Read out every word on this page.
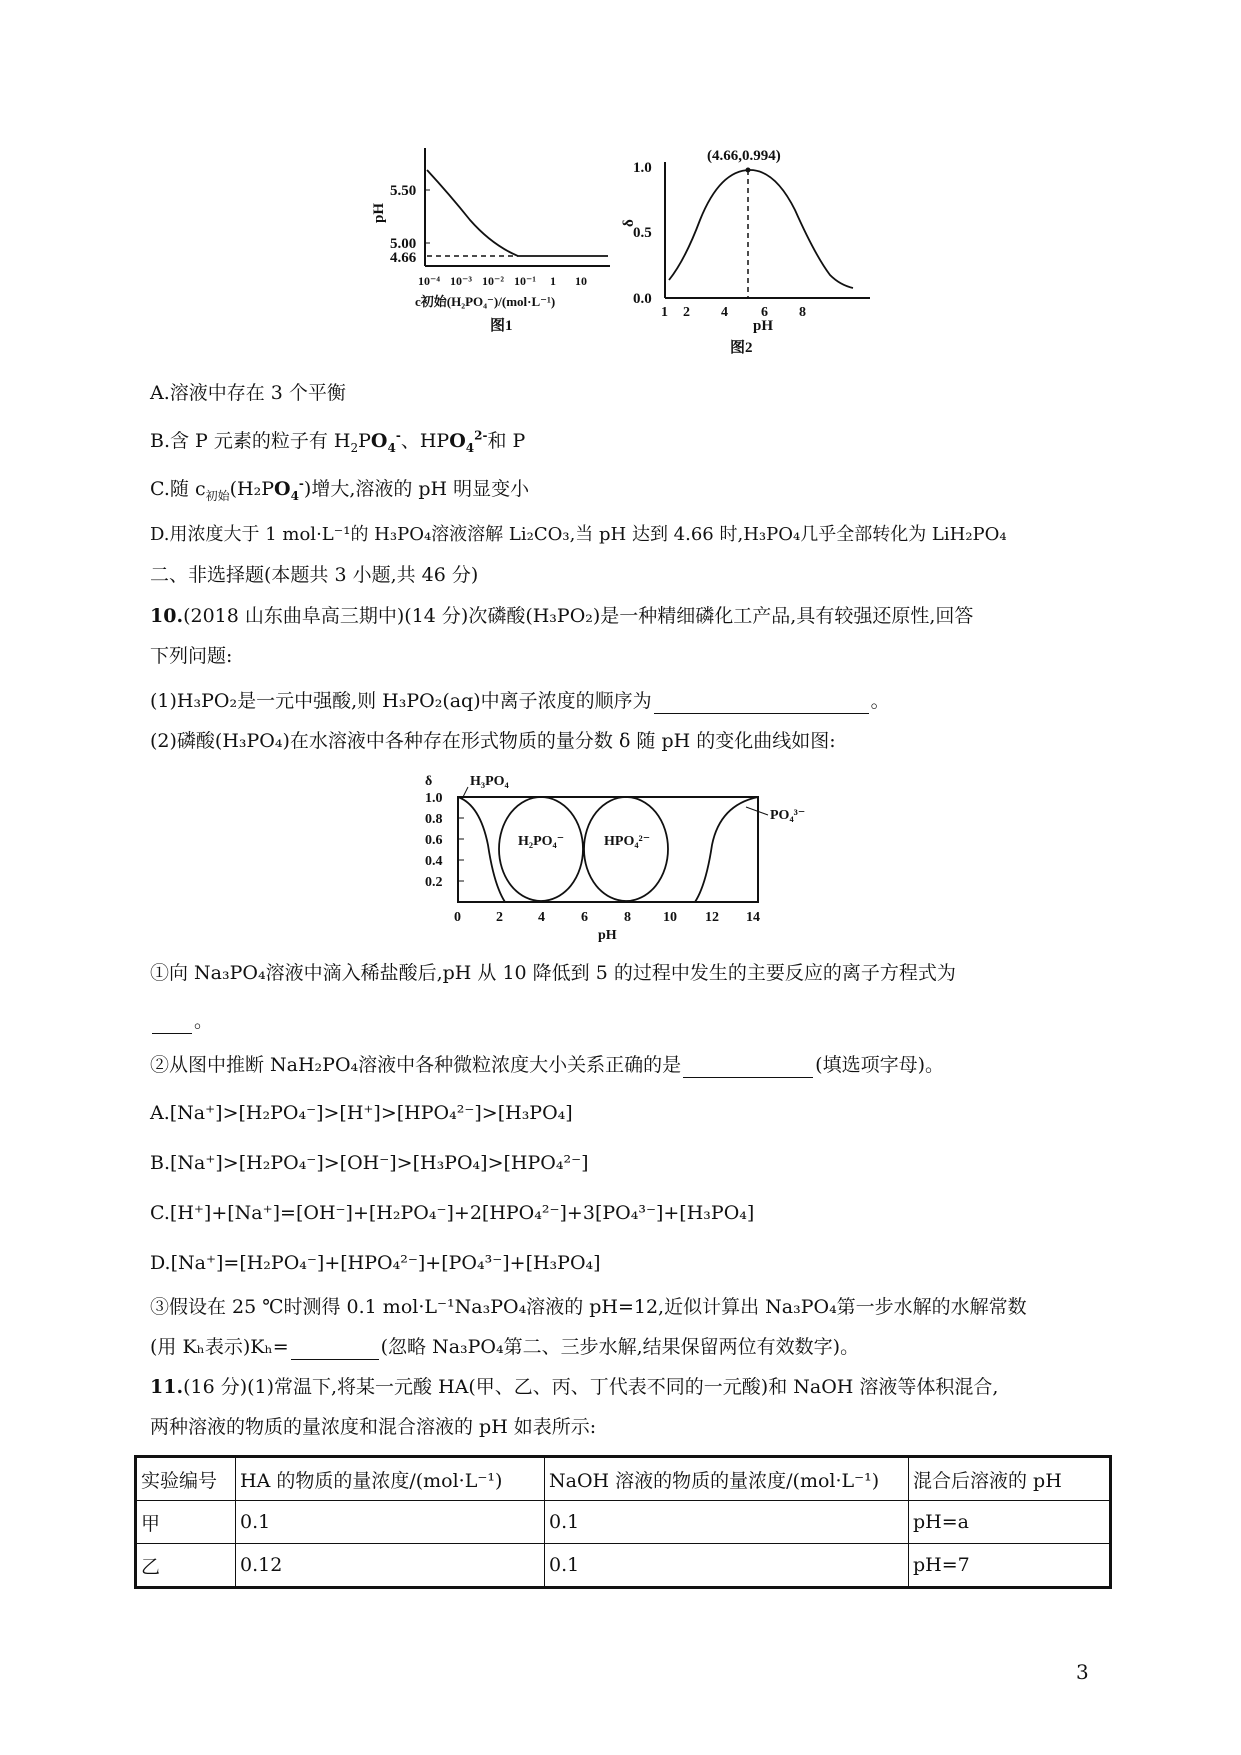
5.50
5.00
4.66
pH
10⁻⁴ 10⁻³ 10⁻² 10⁻¹ 1 10
c初始(H₂PO₄⁻)/(mol·L⁻¹)
图1
(4.66,0.994)
1.0
0.5
0.0
δ
1 2 4 6 8
pH
图2
A.溶液中存在 3 个平衡
B.含 P 元素的粒子有 $H_2PO_4^-$、$HPO_4^{2-}$和 P
C.随 $c_{初始}(H_2PO_4^-)$增大,溶液的 pH 明显变小
D.用浓度大于 1 mol·L⁻¹的 H₃PO₄溶液溶解 Li₂CO₃,当 pH 达到 4.66 时,H₃PO₄几乎全部转化为 LiH₂PO₄
二、非选择题(本题共 3 小题,共 46 分)
10.(2018 山东曲阜高三期中)(14 分)次磷酸(H₃PO₂)是一种精细磷化工产品,具有较强还原性,回答
下列问题:
(1)H₃PO₂是一元中强酸,则 H₃PO₂(aq)中离子浓度的顺序为	。
(2)磷酸(H₃PO₄)在水溶液中各种存在形式物质的量分数 δ 随 pH 的变化曲线如图:
δ
1.0
0.8
0.6
0.4
0.2
0	2	4	6	8 10 12 14
pH
H₃PO₄
H₂PO₄⁻	HPO₄²⁻
PO₄³⁻
①向 Na₃PO₄溶液中滴入稀盐酸后,pH 从 10 降低到 5 的过程中发生的主要反应的离子方程式为
。
②从图中推断 NaH₂PO₄溶液中各种微粒浓度大小关系正确的是	(填选项字母)。
A.[Na⁺]>[H₂PO₄⁻]>[H⁺]>[HPO₄²⁻]>[H₃PO₄]
B.[Na⁺]>[H₂PO₄⁻]>[OH⁻]>[H₃PO₄]>[HPO₄²⁻]
C.[H⁺]+[Na⁺]=[OH⁻]+[H₂PO₄⁻]+2[HPO₄²⁻]+3[PO₄³⁻]+[H₃PO₄]
D.[Na⁺]=[H₂PO₄⁻]+[HPO₄²⁻]+[PO₄³⁻]+[H₃PO₄]
③假设在 25 ℃时测得 0.1 mol·L⁻¹Na₃PO₄溶液的 pH=12,近似计算出 Na₃PO₄第一步水解的水解常数
(用 Kₕ表示)Kₕ=	(忽略 Na₃PO₄第二、三步水解,结果保留两位有效数字)。
11.(16 分)(1)常温下,将某一元酸 HA(甲、乙、丙、丁代表不同的一元酸)和 NaOH 溶液等体积混合,
两种溶液的物质的量浓度和混合溶液的 pH 如表所示:
实验编号	HA 的物质的量浓度/(mol·L⁻¹)	NaOH 溶液的物质的量浓度/(mol·L⁻¹)	混合后溶液的 pH
甲	0.1	0.1	pH=a
乙	0.12	0.1	pH=7
3
